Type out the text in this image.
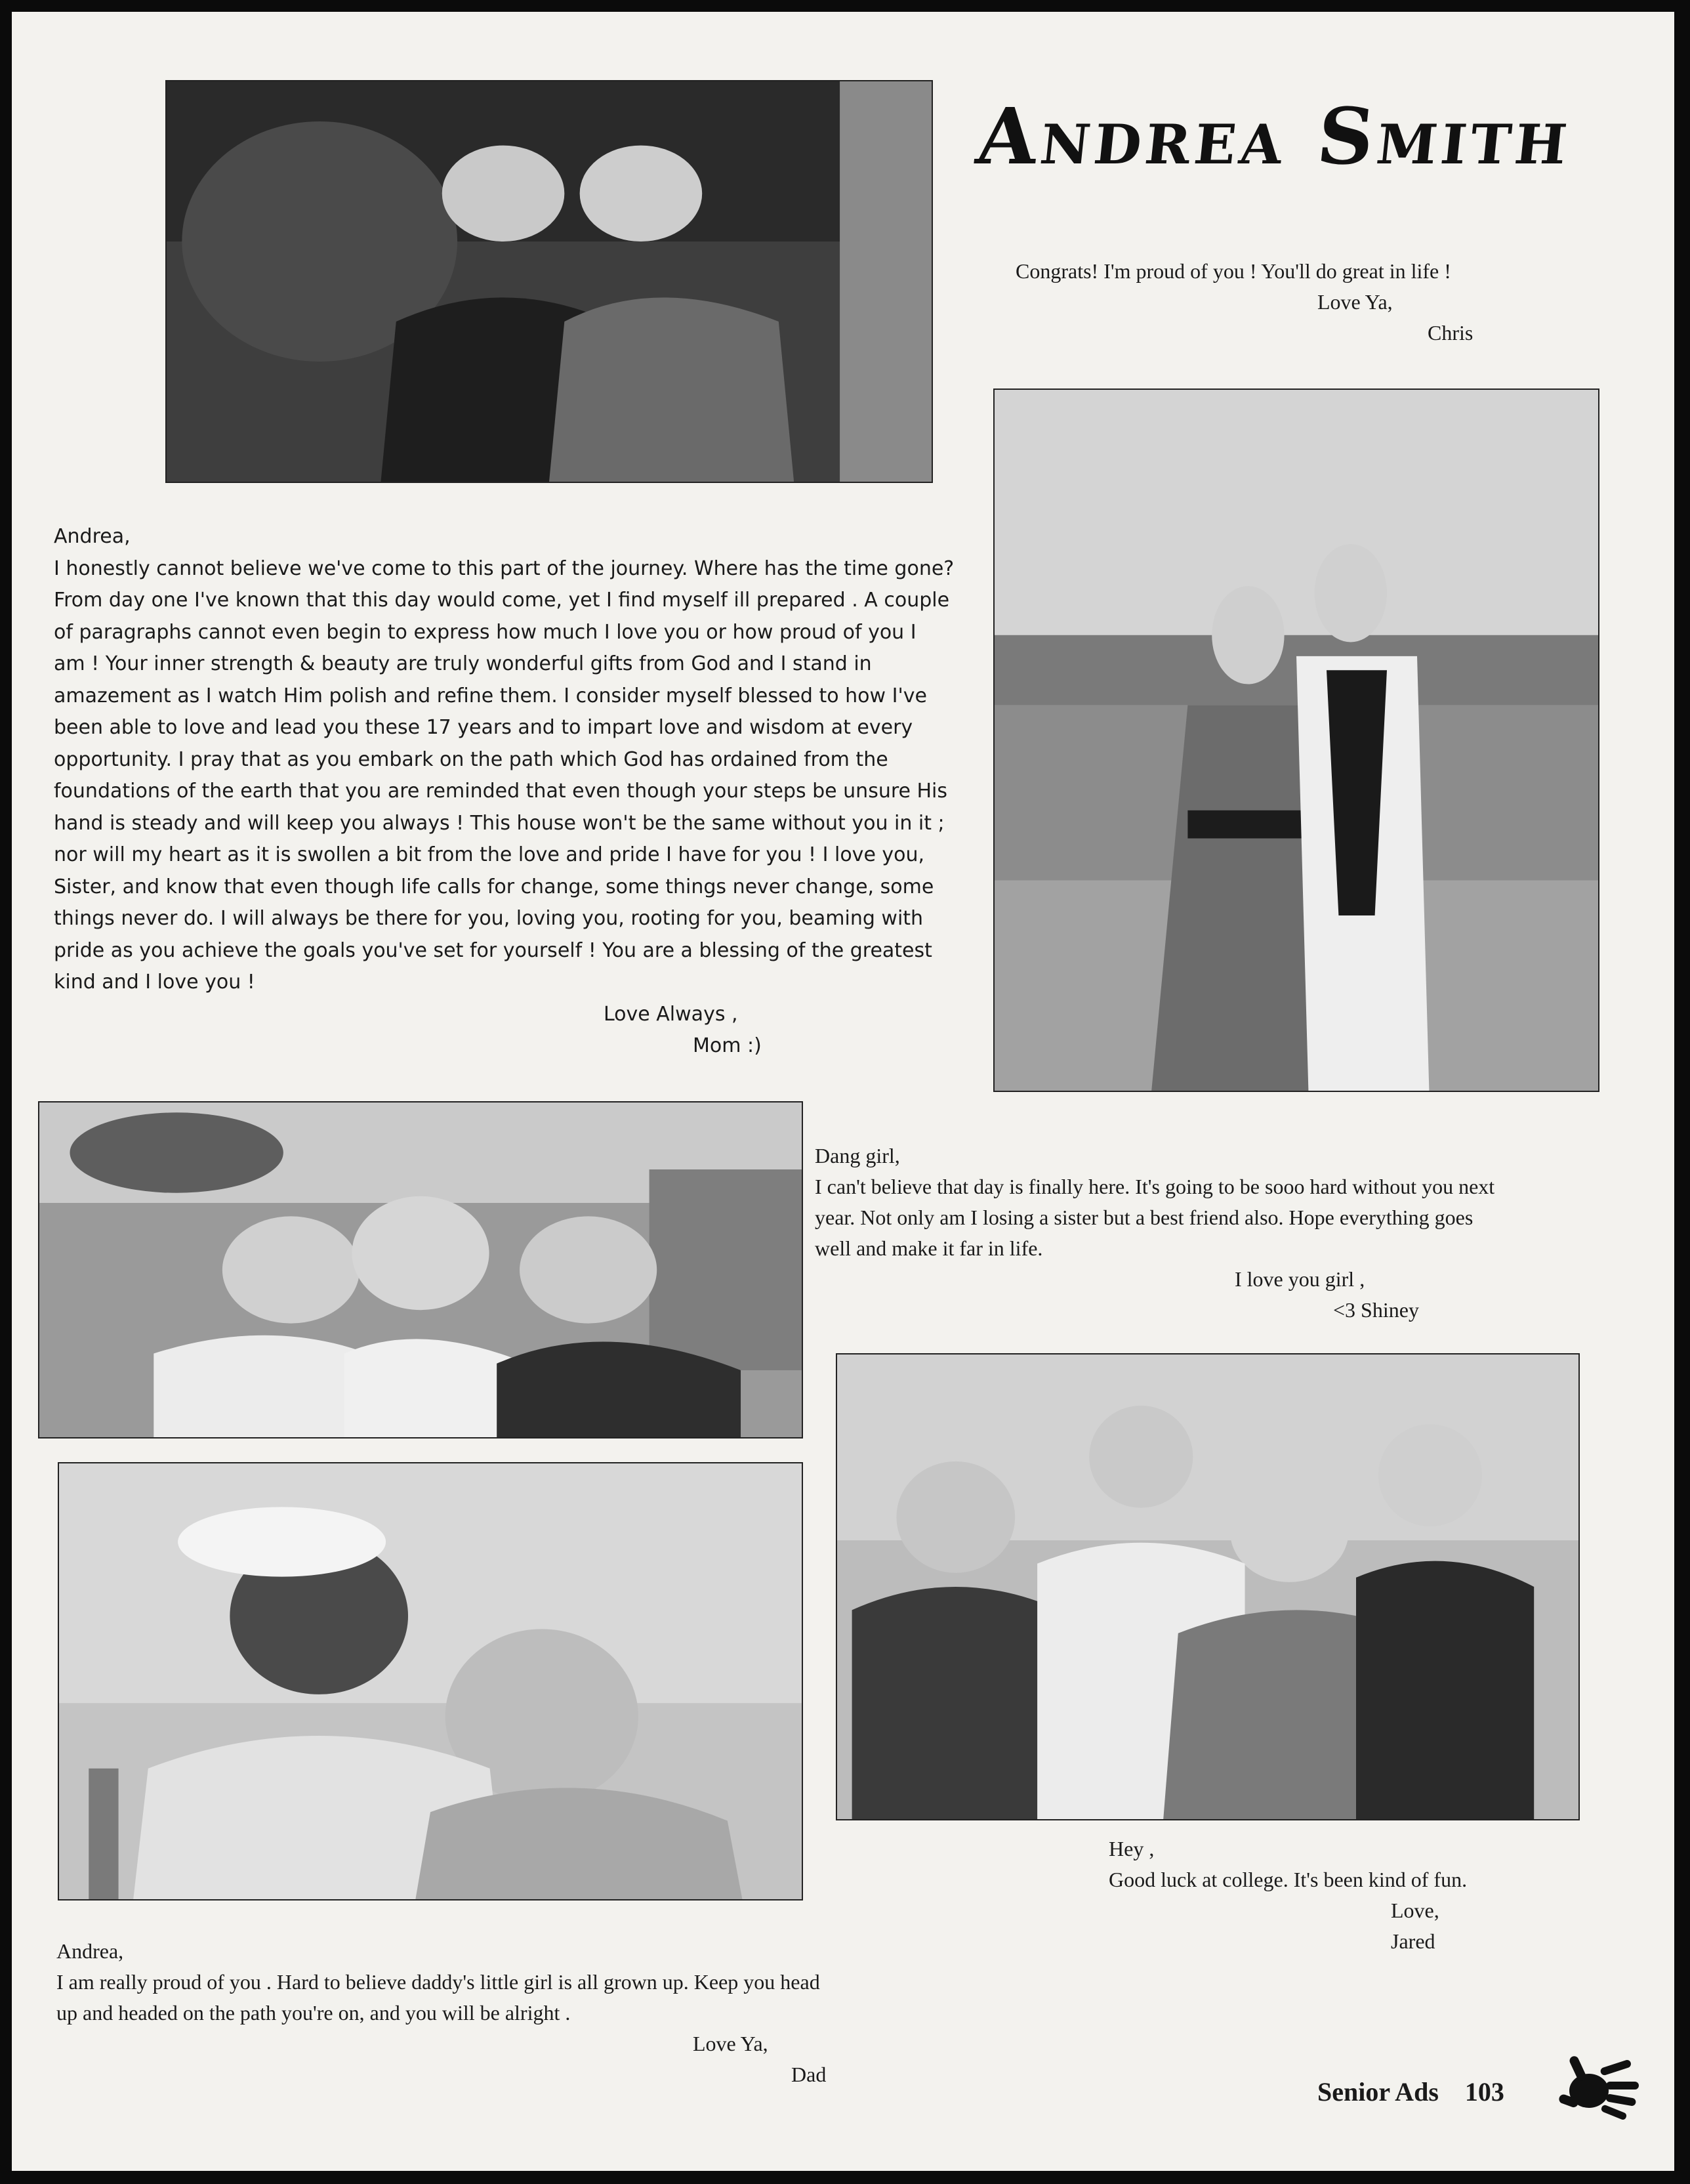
Andrea Smith
Congrats! I'm proud of you ! You'll do great in life !
Love Ya,
Chris
Andrea,
I honestly cannot believe we've come to this part of the journey. Where has the time gone?
From day one I've known that this day would come, yet I find myself ill prepared . A couple
of paragraphs cannot even begin to express how much I love you or how proud of you I
am ! Your inner strength & beauty are truly wonderful gifts from God and I stand in
amazement as I watch Him polish and refine them. I consider myself blessed to how I've
been able to love and lead you these 17 years and to impart love and wisdom at every
opportunity. I pray that as you embark on the path which God has ordained from the
foundations of the earth that you are reminded that even though your steps be unsure His
hand is steady and will keep you always ! This house won't be the same without you in it ;
nor will my heart as it is swollen a bit from the love and pride I have for you ! I love you,
Sister, and know that even though life calls for change, some things never change, some
things never do. I will always be there for you, loving you, rooting for you, beaming with
pride as you achieve the goals you've set for yourself ! You are a blessing of the greatest
kind and I love you !
Love Always ,
Mom :)
Dang girl,
I can't believe that day is finally here. It's going to be sooo hard without you next
year. Not only am I losing a sister but a best friend also. Hope everything goes
well and make it far in life.
I love you girl ,
<3 Shiney
Hey ,
Good luck at college. It's been kind of fun.
Love,
Jared
Andrea,
I am really proud of you . Hard to believe daddy's little girl is all grown up. Keep you head
up and headed on the path you're on, and you will be alright .
Love Ya,
Dad
Senior Ads 103
